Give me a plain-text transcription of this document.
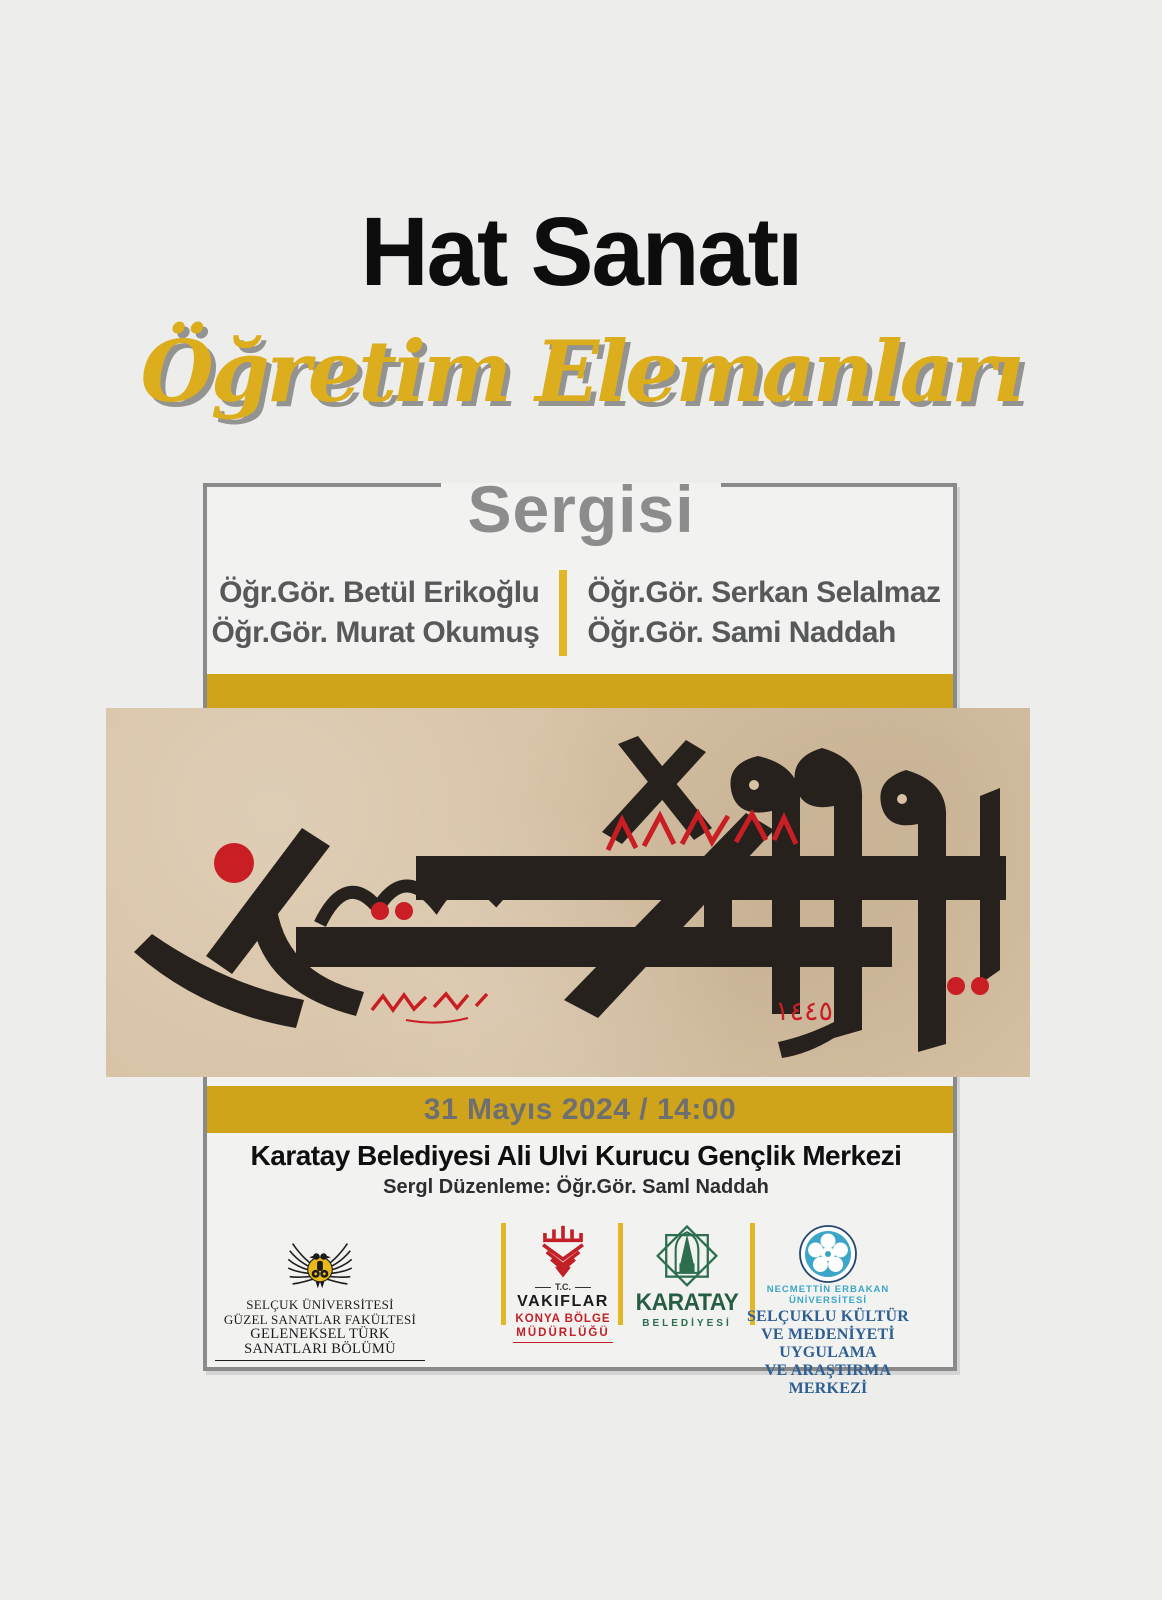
Hat Sanatı
Öğretim Elemanları
Sergisi
Öğr.Gör. Betül Erikoğlu
Öğr.Gör. Murat Okumuş
Öğr.Gör. Serkan Selalmaz
Öğr.Gör. Sami Naddah
١٤٤٥
31 Mayıs 2024 / 14:00
Karatay Belediyesi Ali Ulvi Kurucu Gençlik Merkezi
Sergl Düzenleme: Öğr.Gör. Saml Naddah
SELÇUK ÜNİVERSİTESİ
GÜZEL SANATLAR FAKÜLTESİ
GELENEKSEL TÜRK SANATLARI BÖLÜMÜ
T.C.
VAKIFLAR
KONYA BÖLGE
MÜDÜRLÜĞÜ
KARATAY
BELEDİYESİ
NECMETTİN ERBAKAN
ÜNİVERSİTESİ
SELÇUKLU KÜLTÜR
VE MEDENİYETİ UYGULAMA
VE ARAŞTIRMA MERKEZİ
